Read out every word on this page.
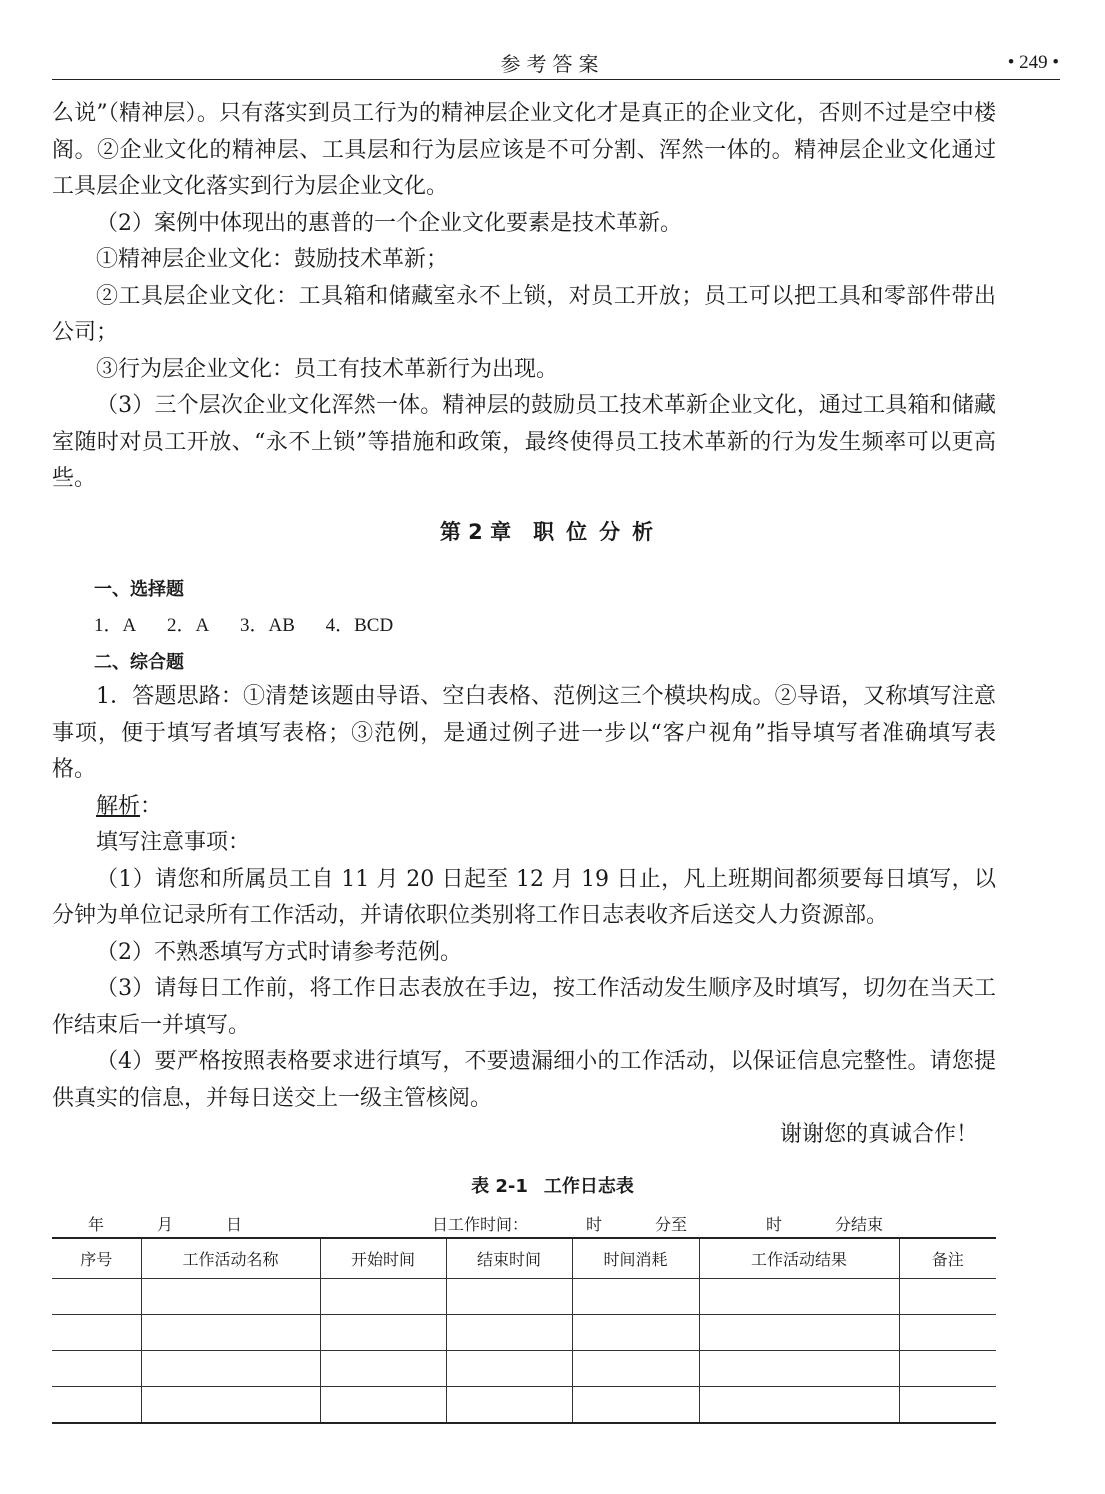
参考答案	• 249 •

么说”（精神层）。只有落实到员工行为的精神层企业文化才是真正的企业文化，否则不过是空中楼阁。②企业文化的精神层、工具层和行为层应该是不可分割、浑然一体的。精神层企业文化通过工具层企业文化落实到行为层企业文化。

（2）案例中体现出的惠普的一个企业文化要素是技术革新。

①精神层企业文化：鼓励技术革新；

②工具层企业文化：工具箱和储藏室永不上锁，对员工开放；员工可以把工具和零部件带出公司；

③行为层企业文化：员工有技术革新行为出现。

（3）三个层次企业文化浑然一体。精神层的鼓励员工技术革新企业文化，通过工具箱和储藏室随时对员工开放、“永不上锁”等措施和政策，最终使得员工技术革新的行为发生频率可以更高些。

第 2 章 职位分析
一、选择题
1．A 2．A 3．AB 4．BCD
二、综合题

1．答题思路：①清楚该题由导语、空白表格、范例这三个模块构成。②导语，又称填写注意事项，便于填写者填写表格；③范例，是通过例子进一步以“客户视角”指导填写者准确填写表格。

解析：

填写注意事项：

（1）请您和所属员工自 11 月 20 日起至 12 月 19 日止，凡上班期间都须要每日填写，以分钟为单位记录所有工作活动，并请依职位类别将工作日志表收齐后送交人力资源部。

（2）不熟悉填写方式时请参考范例。

（3）请每日工作前，将工作日志表放在手边，按工作活动发生顺序及时填写，切勿在当天工作结束后一并填写。

（4）要严格按照表格要求进行填写，不要遗漏细小的工作活动，以保证信息完整性。请您提供真实的信息，并每日送交上一级主管核阅。

谢谢您的真诚合作！

表 2-1 工作日志表
年	月	日	日工作时间：	时	分至	时	分结束
序号	工作活动名称	开始时间	结束时间	时间消耗	工作活动结果	备注
